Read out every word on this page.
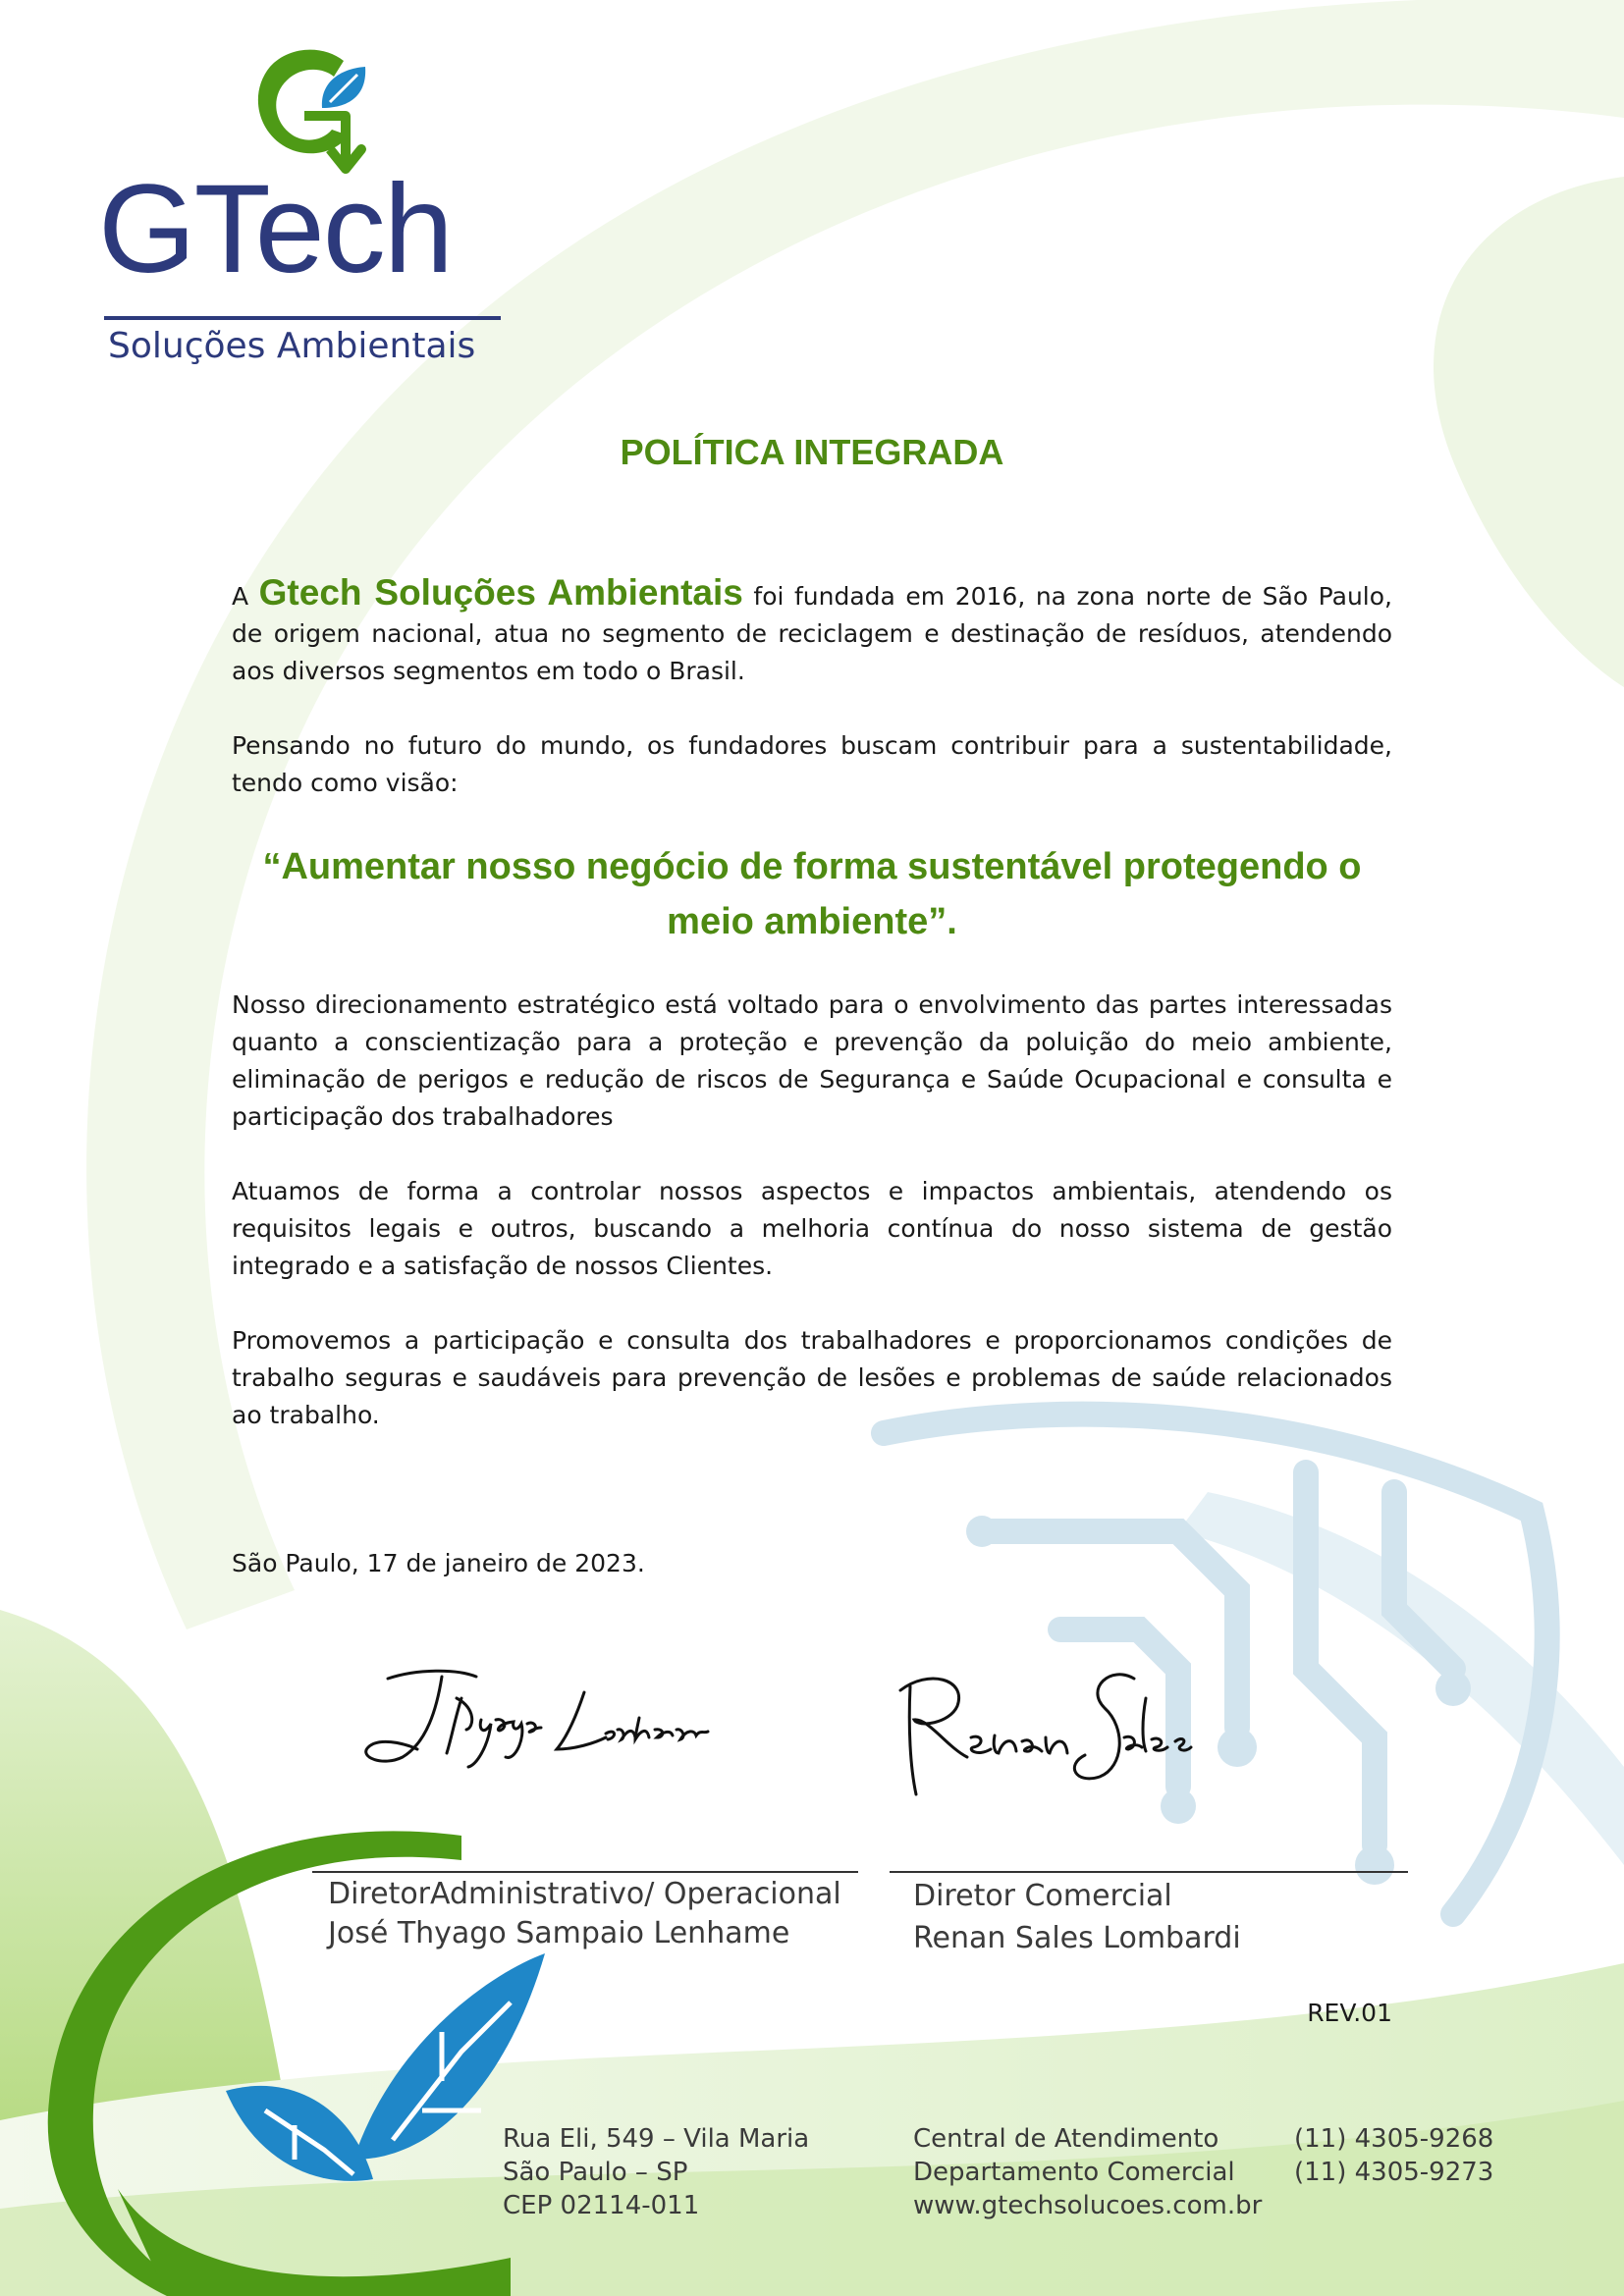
GTech
Soluções Ambientais
POLÍTICA INTEGRADA

A Gtech Soluções Ambientais foi fundada em 2016, na zona norte de São Paulo, de origem nacional, atua no segmento de reciclagem e destinação de resíduos, atendendo aos diversos segmentos em todo o Brasil.

Pensando no futuro do mundo, os fundadores buscam contribuir para a sustentabilidade, tendo como visão:

“Aumentar nosso negócio de forma sustentável protegendo o meio ambiente”.

Nosso direcionamento estratégico está voltado para o envolvimento das partes interessadas quanto a conscientização para a proteção e prevenção da poluição do meio ambiente, eliminação de perigos e redução de riscos de Segurança e Saúde Ocupacional e consulta e participação dos trabalhadores

Atuamos de forma a controlar nossos aspectos e impactos ambientais, atendendo os requisitos legais e outros, buscando a melhoria contínua do nosso sistema de gestão integrado e a satisfação de nossos Clientes.

Promovemos a participação e consulta dos trabalhadores e proporcionamos condições de trabalho seguras e saudáveis para prevenção de lesões e problemas de saúde relacionados ao trabalho.

São Paulo, 17 de janeiro de 2023.
DiretorAdministrativo/ Operacional
José Thyago Sampaio Lenhame
Diretor Comercial
Renan Sales Lombardi
REV.01
Rua Eli, 549 – Vila Maria
São Paulo – SP
CEP 02114-011
Central de Atendimento	(11) 4305-9268
Departamento Comercial	(11) 4305-9273
www.gtechsolucoes.com.br
